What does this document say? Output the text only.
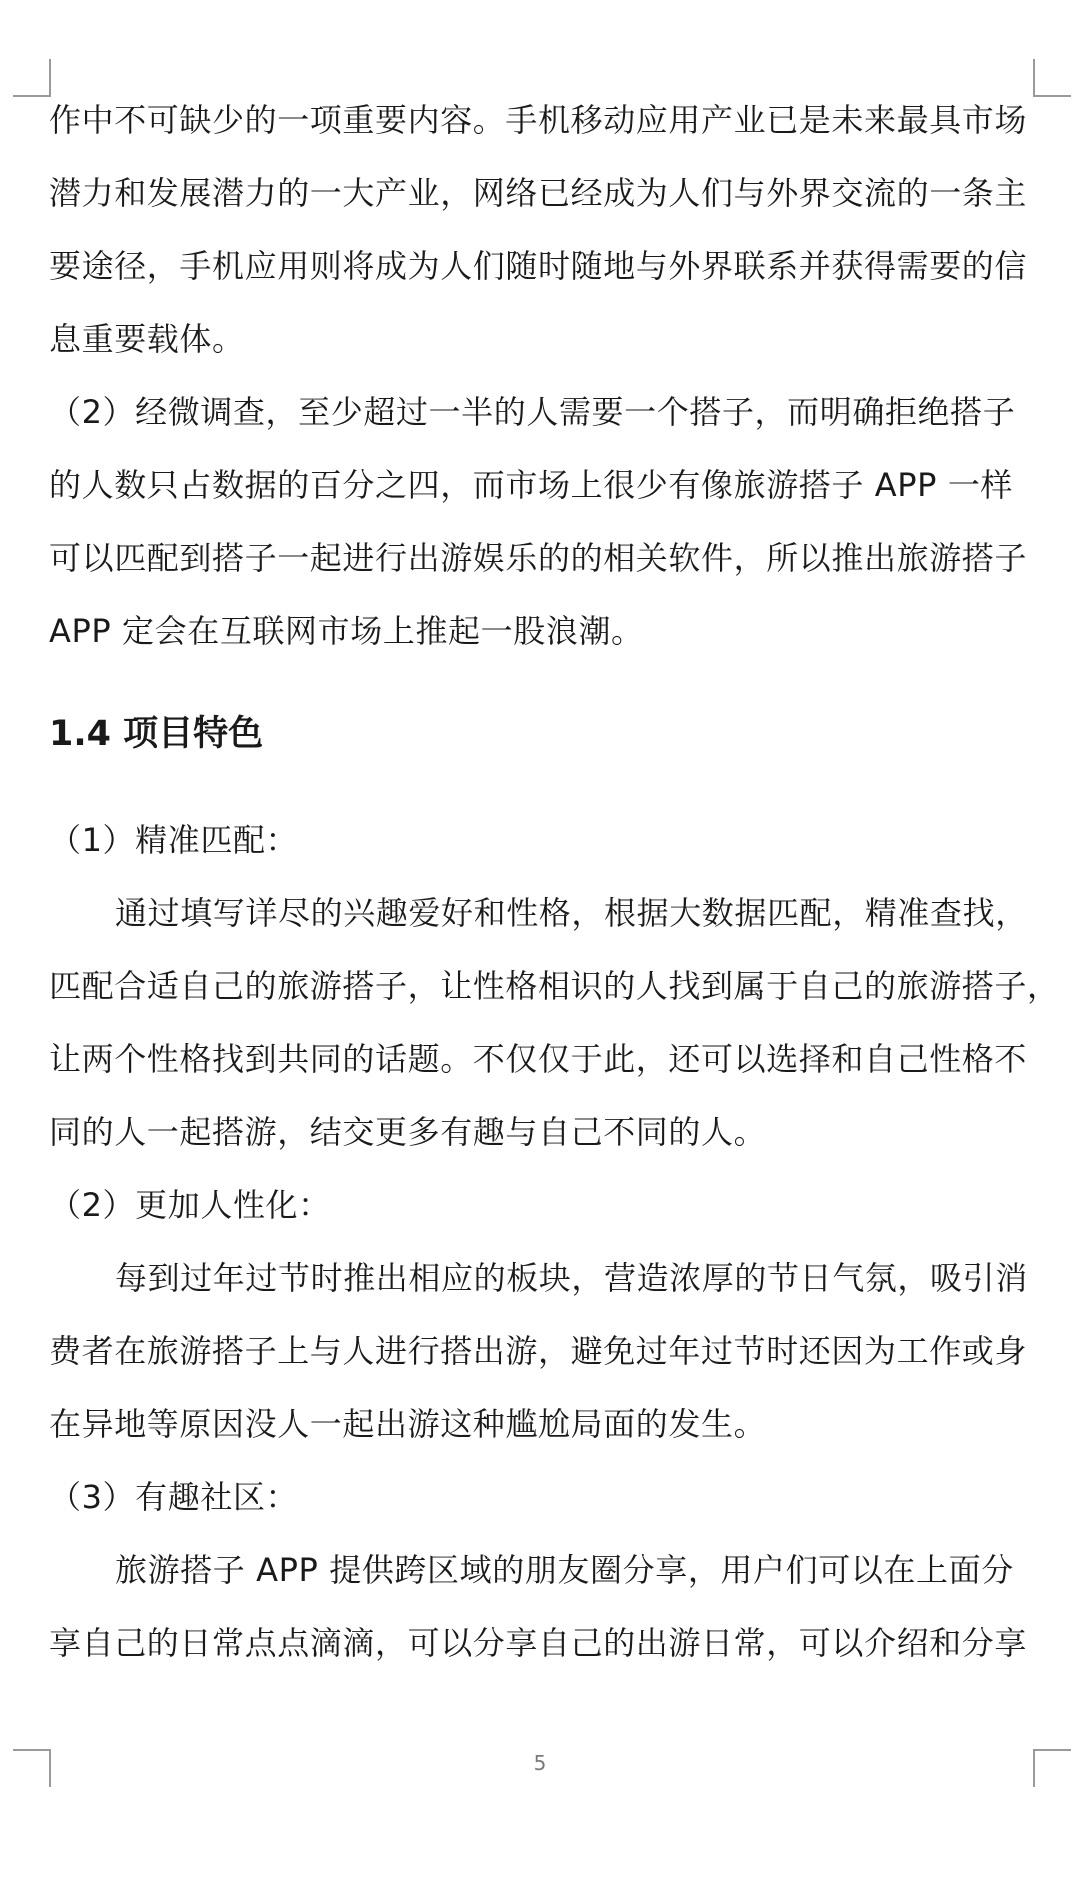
作中不可缺少的一项重要内容。手机移动应用产业已是未来最具市场
潜力和发展潜力的一大产业，网络已经成为人们与外界交流的一条主
要途径，手机应用则将成为人们随时随地与外界联系并获得需要的信
息重要载体。
（2）经微调查，至少超过一半的人需要一个搭子，而明确拒绝搭子
的人数只占数据的百分之四，而市场上很少有像旅游搭子 APP 一样
可以匹配到搭子一起进行出游娱乐的的相关软件，所以推出旅游搭子
APP 定会在互联网市场上推起一股浪潮。
1.4 项目特色
（1）精准匹配：
通过填写详尽的兴趣爱好和性格，根据大数据匹配，精准查找，
匹配合适自己的旅游搭子，让性格相识的人找到属于自己的旅游搭子，
让两个性格找到共同的话题。不仅仅于此，还可以选择和自己性格不
同的人一起搭游，结交更多有趣与自己不同的人。
（2）更加人性化：
每到过年过节时推出相应的板块，营造浓厚的节日气氛，吸引消
费者在旅游搭子上与人进行搭出游，避免过年过节时还因为工作或身
在异地等原因没人一起出游这种尴尬局面的发生。
（3）有趣社区：
旅游搭子 APP 提供跨区域的朋友圈分享，用户们可以在上面分
享自己的日常点点滴滴，可以分享自己的出游日常，可以介绍和分享
5
